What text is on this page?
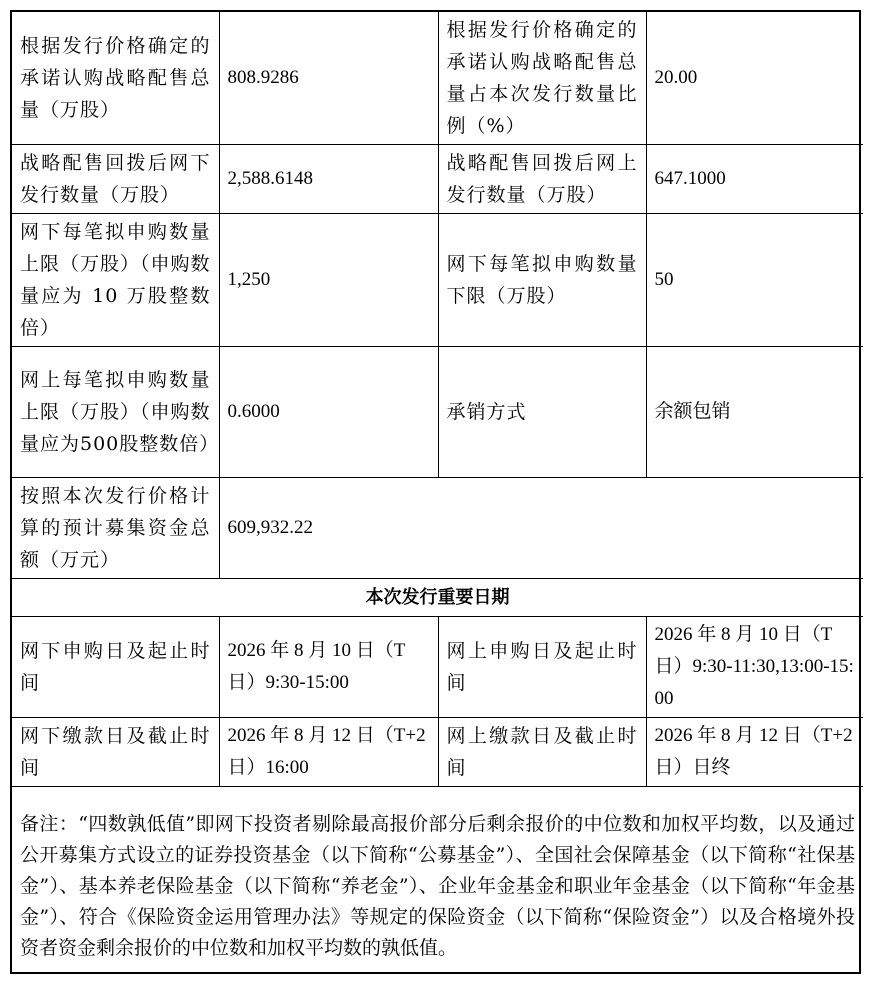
根据发行价格确定的承诺认购战略配售总量（万股）	808.9286	根据发行价格确定的承诺认购战略配售总量占本次发行数量比例（%）	20.00
战略配售回拨后网下发行数量（万股）	2,588.6148	战略配售回拨后网上发行数量（万股）	647.1000
网下每笔拟申购数量上限（万股）（申购数量应为 10 万股整数倍）	1,250	网下每笔拟申购数量下限（万股）	50
网上每笔拟申购数量上限（万股）（申购数量应为500股整数倍）	0.6000	承销方式	余额包销
按照本次发行价格计算的预计募集资金总额（万元）	609,932.22		
本次发行重要日期			
网下申购日及起止时间	2026 年 8 月 10 日（T 日）9:30-15:00	网上申购日及起止时间	2026 年 8 月 10 日（T 日）9:30-11:30,13:00-15:00
网下缴款日及截止时间	2026 年 8 月 12 日（T+2 日）16:00	网上缴款日及截止时间	2026 年 8 月 12 日（T+2 日）日终
备注：“四数孰低值”即网下投资者剔除最高报价部分后剩余报价的中位数和加权平均数，以及通过公开募集方式设立的证券投资基金（以下简称“公募基金”）、全国社会保障基金（以下简称“社保基金”）、基本养老保险基金（以下简称“养老金”）、企业年金基金和职业年金基金（以下简称“年金基金”）、符合《保险资金运用管理办法》等规定的保险资金（以下简称“保险资金”）以及合格境外投资者资金剩余报价的中位数和加权平均数的孰低值。			
